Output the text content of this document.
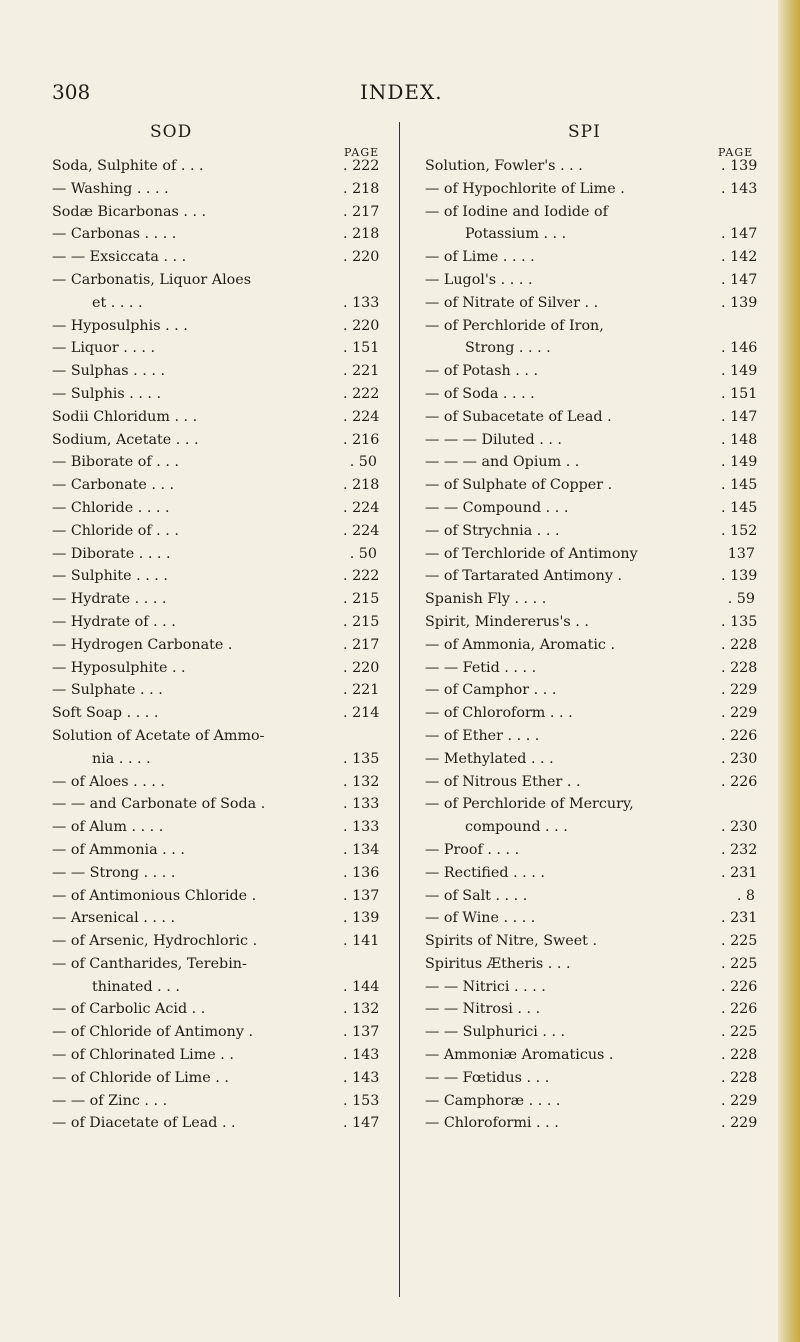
308	INDEX.
SOD	SPI
PAGE	PAGE
Soda, Sulphite of . . .	. 222
— Washing . . . .	. 218
Sodæ Bicarbonas . . .	. 217
— Carbonas . . . .	. 218
— — Exsiccata . . .	. 220
— Carbonatis, Liquor Aloes
et . . . .	. 133
— Hyposulphis . . .	. 220
— Liquor . . . .	. 151
— Sulphas . . . .	. 221
— Sulphis . . . .	. 222
Sodii Chloridum . . .	. 224
Sodium, Acetate . . .	. 216
— Biborate of . . .	. 50
— Carbonate . . .	. 218
— Chloride . . . .	. 224
— Chloride of . . .	. 224
— Diborate . . . .	. 50
— Sulphite . . . .	. 222
— Hydrate . . . .	. 215
— Hydrate of . . .	. 215
— Hydrogen Carbonate .	. 217
— Hyposulphite . .	. 220
— Sulphate . . .	. 221
Soft Soap . . . .	. 214
Solution of Acetate of Ammo-
nia . . . .	. 135
— of Aloes . . . .	. 132
— — and Carbonate of Soda .	. 133
— of Alum . . . .	. 133
— of Ammonia . . .	. 134
— — Strong . . . .	. 136
— of Antimonious Chloride .	. 137
— Arsenical . . . .	. 139
— of Arsenic, Hydrochloric .	. 141
— of Cantharides, Terebin-
thinated . . .	. 144
— of Carbolic Acid . .	. 132
— of Chloride of Antimony .	. 137
— of Chlorinated Lime . .	. 143
— of Chloride of Lime . .	. 143
— — of Zinc . . .	. 153
— of Diacetate of Lead . .	. 147
Solution, Fowler's . . .	. 139
— of Hypochlorite of Lime .	. 143
— of Iodine and Iodide of
Potassium . . .	. 147
— of Lime . . . .	. 142
— Lugol's . . . .	. 147
— of Nitrate of Silver . .	. 139
— of Perchloride of Iron,
Strong . . . .	. 146
— of Potash . . .	. 149
— of Soda . . . .	. 151
— of Subacetate of Lead .	. 147
— — — Diluted . . .	. 148
— — — and Opium . .	. 149
— of Sulphate of Copper .	. 145
— — Compound . . .	. 145
— of Strychnia . . .	. 152
— of Terchloride of Antimony	137
— of Tartarated Antimony .	. 139
Spanish Fly . . . .	. 59
Spirit, Mindererus's . .	. 135
— of Ammonia, Aromatic .	. 228
— — Fetid . . . .	. 228
— of Camphor . . .	. 229
— of Chloroform . . .	. 229
— of Ether . . . .	. 226
— Methylated . . .	. 230
— of Nitrous Ether . .	. 226
— of Perchloride of Mercury,
compound . . .	. 230
— Proof . . . .	. 232
— Rectified . . . .	. 231
— of Salt . . . .	. 8
— of Wine . . . .	. 231
Spirits of Nitre, Sweet .	. 225
Spiritus Ætheris . . .	. 225
— — Nitrici . . . .	. 226
— — Nitrosi . . .	. 226
— — Sulphurici . . .	. 225
— Ammoniæ Aromaticus .	. 228
— — Fœtidus . . .	. 228
— Camphoræ . . . .	. 229
— Chloroformi . . .	. 229
